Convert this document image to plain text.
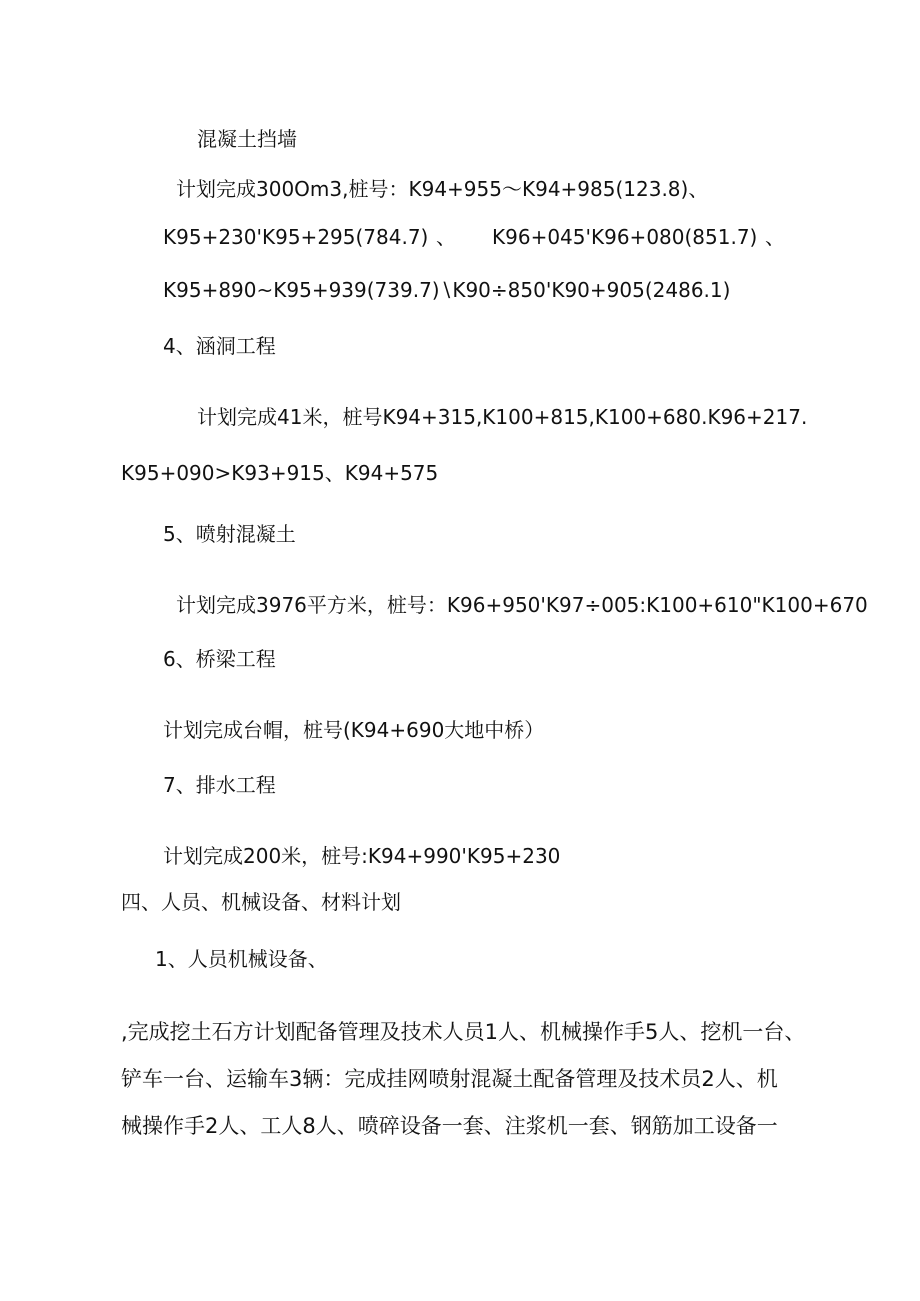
混凝土挡墙
计划完成300Om3,桩号：K94+955～K94+985(123.8)、
K95+230'K95+295(784.7) 、 K96+045'K96+080(851.7) 、
K95+890~K95+939(739.7)∖K90÷850'K90+905(2486.1)
4、涵洞工程
计划完成41米，桩号K94+315,K100+815,K100+680.K96+217.
K95+090>K93+915、K94+575
5、喷射混凝土
计划完成3976平方米，桩号：K96+950'K97÷005:K100+610"K100+670
6、桥梁工程
计划完成台帽，桩号(K94+690大地中桥）
7、排水工程
计划完成200米，桩号:K94+990'K95+230
四、人员、机械设备、材料计划
1、人员机械设备、
,完成挖土石方计划配备管理及技术人员1人、机械操作手5人、挖机一台、
铲车一台、运输车3辆：完成挂网喷射混凝土配备管理及技术员2人、机
械操作手2人、工人8人、喷碎设备一套、注浆机一套、钢筋加工设备一
